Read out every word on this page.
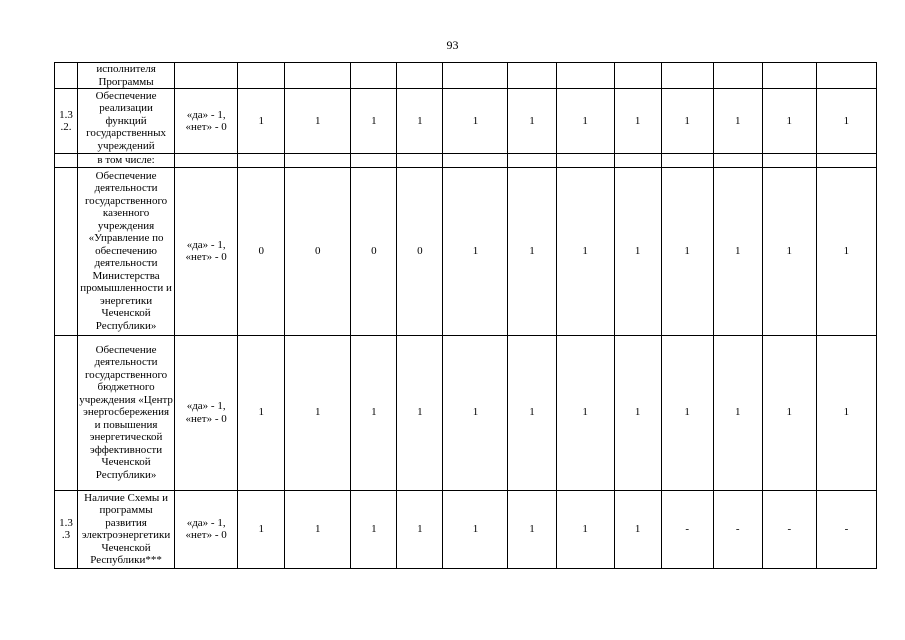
93
	исполнителя Программы													
1.3 .2.	Обеспечение реализации функций государственных учреждений	«да» - 1, «нет» - 0	1	1	1	1	1	1	1	1	1	1	1	1
	в том числе:													
	Обеспечение деятельности государственного казенного учреждения «Управление по обеспечению деятельности Министерства промышленности и энергетики Чеченской Республики»	«да» - 1, «нет» - 0	0	0	0	0	1	1	1	1	1	1	1	1
	Обеспечение деятельности государственного бюджетного учреждения «Центр энергосбережения и повышения энергетической эффективности Чеченской Республики»	«да» - 1, «нет» - 0	1	1	1	1	1	1	1	1	1	1	1	1
1.3 .3	Наличие Схемы и программы развития электроэнергетики Чеченской Республики***	«да» - 1, «нет» - 0	1	1	1	1	1	1	1	1	-	-	-	-
